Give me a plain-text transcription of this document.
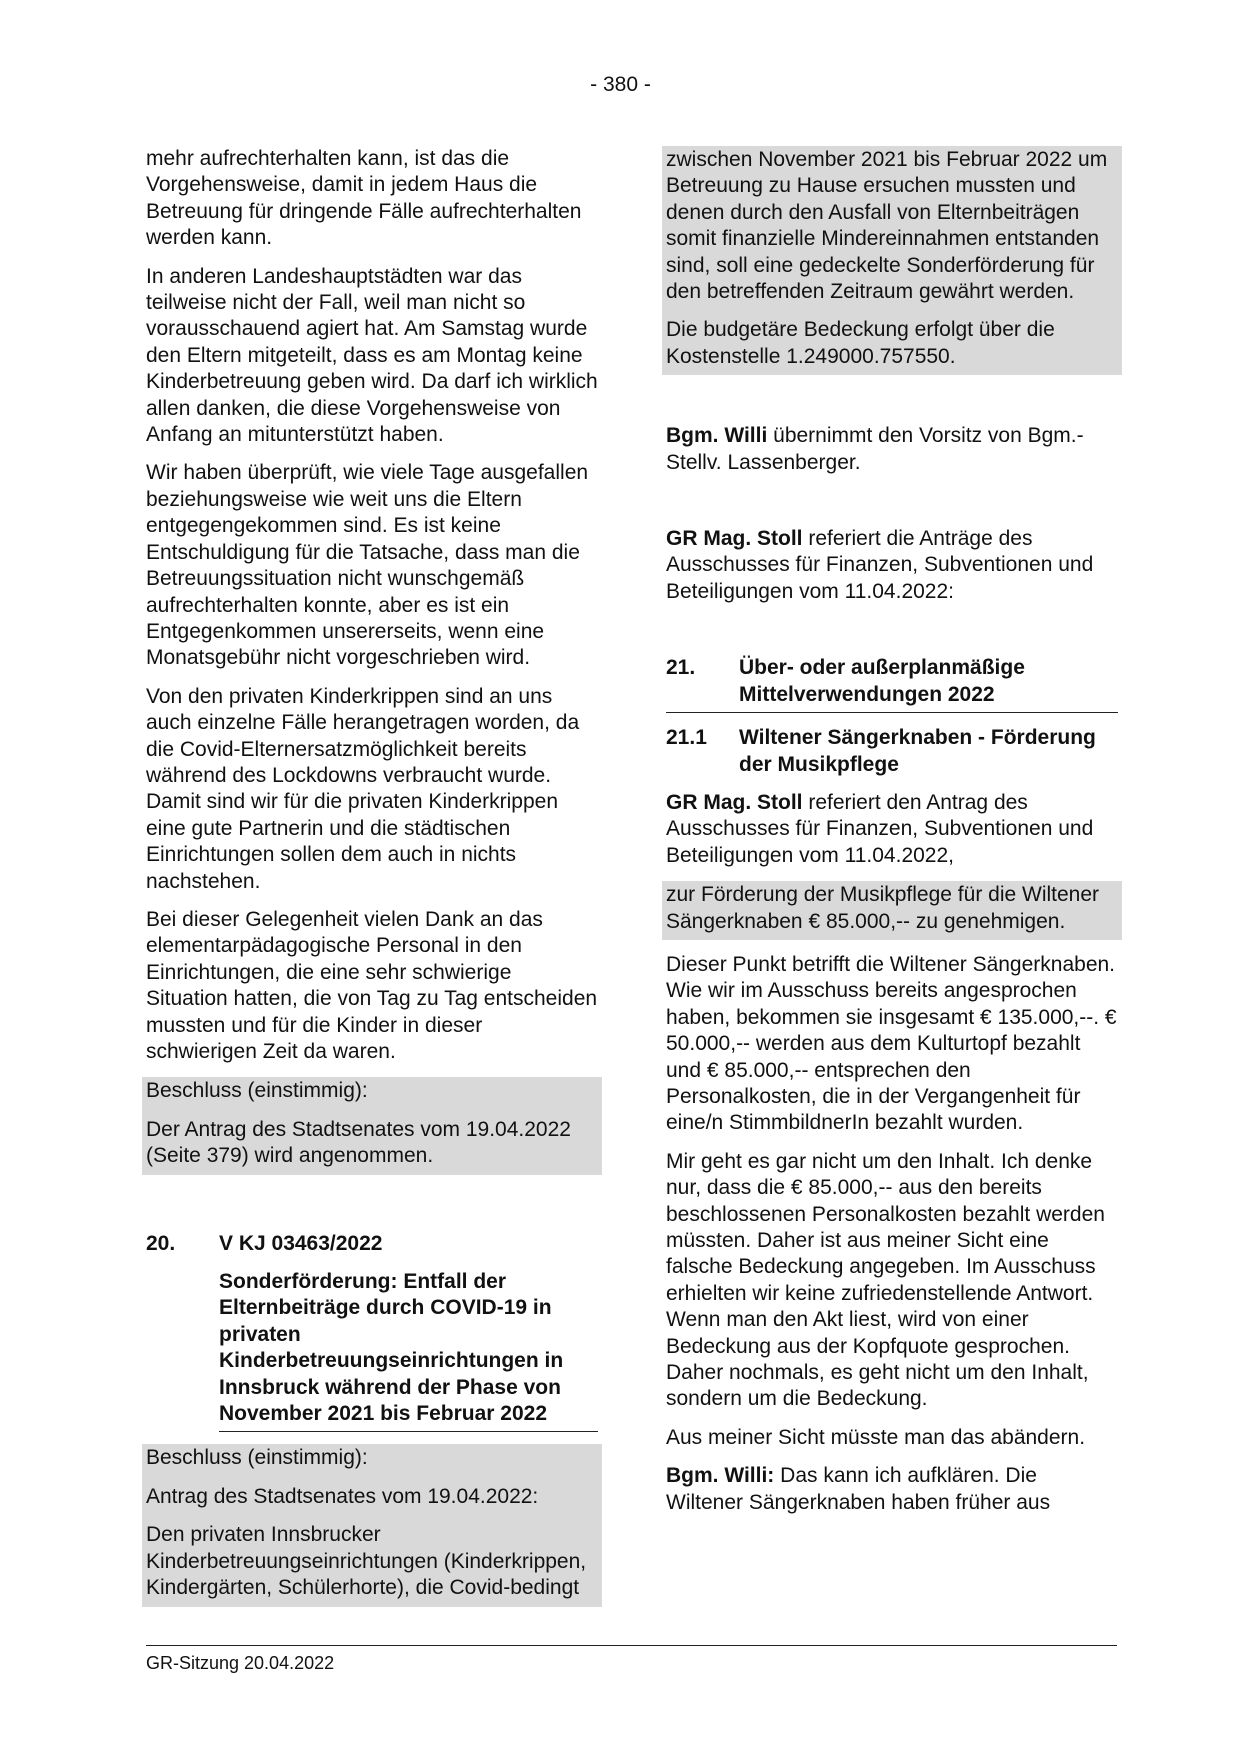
- 380 -

mehr aufrechterhalten kann, ist das die Vorgehensweise, damit in jedem Haus die Betreuung für dringende Fälle aufrechterhalten werden kann.

In anderen Landeshauptstädten war das teilweise nicht der Fall, weil man nicht so vorausschauend agiert hat. Am Samstag wurde den Eltern mitgeteilt, dass es am Montag keine Kinderbetreuung geben wird. Da darf ich wirklich allen danken, die diese Vorgehensweise von Anfang an mitunterstützt haben.

Wir haben überprüft, wie viele Tage ausgefallen beziehungsweise wie weit uns die Eltern entgegengekommen sind. Es ist keine Entschuldigung für die Tatsache, dass man die Betreuungssituation nicht wunschgemäß aufrechterhalten konnte, aber es ist ein Entgegenkommen unsererseits, wenn eine Monatsgebühr nicht vorgeschrieben wird.

Von den privaten Kinderkrippen sind an uns auch einzelne Fälle herangetragen worden, da die Covid-Elternersatzmöglichkeit bereits während des Lockdowns verbraucht wurde. Damit sind wir für die privaten Kinderkrippen eine gute Partnerin und die städtischen Einrichtungen sollen dem auch in nichts nachstehen.

Bei dieser Gelegenheit vielen Dank an das elementarpädagogische Personal in den Einrichtungen, die eine sehr schwierige Situation hatten, die von Tag zu Tag entscheiden mussten und für die Kinder in dieser schwierigen Zeit da waren.

Beschluss (einstimmig):

Der Antrag des Stadtsenates vom 19.04.2022 (Seite 379) wird angenommen.

20.	V KJ 03463/2022
Sonderförderung: Entfall der Elternbeiträge durch COVID-19 in privaten Kinderbetreuungseinrichtungen in Innsbruck während der Phase von November 2021 bis Februar 2022

Beschluss (einstimmig):

Antrag des Stadtsenates vom 19.04.2022:

Den privaten Innsbrucker Kinderbetreuungseinrichtungen (Kinderkrippen, Kindergärten, Schülerhorte), die Covid-bedingt

zwischen November 2021 bis Februar 2022 um Betreuung zu Hause ersuchen mussten und denen durch den Ausfall von Elternbeiträgen somit finanzielle Mindereinnahmen entstanden sind, soll eine gedeckelte Sonderförderung für den betreffenden Zeitraum gewährt werden.

Die budgetäre Bedeckung erfolgt über die Kostenstelle 1.249000.757550.

Bgm. Willi übernimmt den Vorsitz von Bgm.-Stellv. Lassenberger.

GR Mag. Stoll referiert die Anträge des Ausschusses für Finanzen, Subventionen und Beteiligungen vom 11.04.2022:

21.	Über- oder außerplanmäßige Mittelverwendungen 2022
21.1	Wiltener Sängerknaben - Förderung der Musikpflege

GR Mag. Stoll referiert den Antrag des Ausschusses für Finanzen, Subventionen und Beteiligungen vom 11.04.2022,

zur Förderung der Musikpflege für die Wiltener Sängerknaben € 85.000,-- zu genehmigen.

Dieser Punkt betrifft die Wiltener Sängerknaben. Wie wir im Ausschuss bereits angesprochen haben, bekommen sie insgesamt € 135.000,--. € 50.000,-- werden aus dem Kulturtopf bezahlt und € 85.000,-- entsprechen den Personalkosten, die in der Vergangenheit für eine/n StimmbildnerIn bezahlt wurden.

Mir geht es gar nicht um den Inhalt. Ich denke nur, dass die € 85.000,-- aus den bereits beschlossenen Personalkosten bezahlt werden müssten. Daher ist aus meiner Sicht eine falsche Bedeckung angegeben. Im Ausschuss erhielten wir keine zufriedenstellende Antwort. Wenn man den Akt liest, wird von einer Bedeckung aus der Kopfquote gesprochen. Daher nochmals, es geht nicht um den Inhalt, sondern um die Bedeckung.

Aus meiner Sicht müsste man das abändern.

Bgm. Willi: Das kann ich aufklären. Die Wiltener Sängerknaben haben früher aus

GR-Sitzung 20.04.2022
